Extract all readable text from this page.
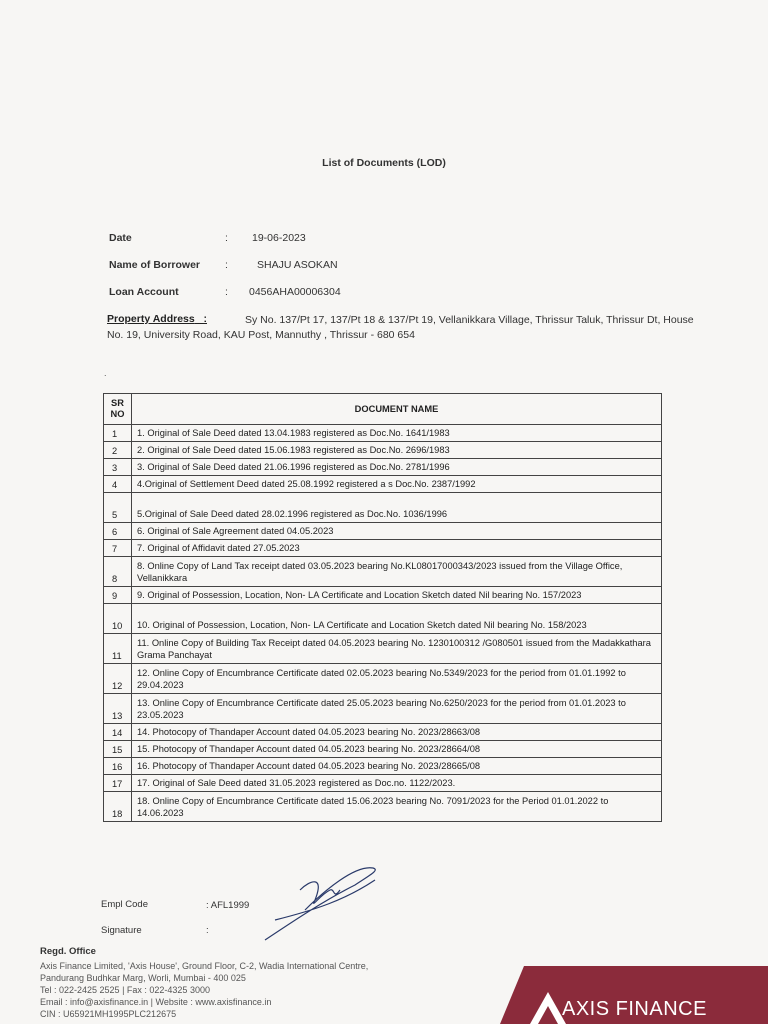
List of Documents (LOD)
Date	: 19-06-2023
Name of Borrower :	SHAJU ASOKAN
Loan Account	: 0456AHA00006304
Sy No. 137/Pt 17, 137/Pt 18 & 137/Pt 19, Vellanikkara Village, Thrissur Taluk, Thrissur Dt, House No. 19, University Road, KAU Post, Mannuthy , Thrissur - 680 654
Property Address :
.
SR NO	DOCUMENT NAME
1	1. Original of Sale Deed dated 13.04.1983 registered as Doc.No. 1641/1983
2	2. Original of Sale Deed dated 15.06.1983 registered as Doc.No. 2696/1983
3	3. Original of Sale Deed dated 21.06.1996 registered as Doc.No. 2781/1996
4	4.Original of Settlement Deed dated 25.08.1992 registered a s Doc.No. 2387/1992
5	5.Original of Sale Deed dated 28.02.1996 registered as Doc.No. 1036/1996
6	6. Original of Sale Agreement dated 04.05.2023
7	7. Original of Affidavit dated 27.05.2023
8	8. Online Copy of Land Tax receipt dated 03.05.2023 bearing No.KL08017000343/2023 issued from the Village Office, Vellanikkara
9	9. Original of Possession, Location, Non- LA Certificate and Location Sketch dated Nil bearing No. 157/2023
10	10. Original of Possession, Location, Non- LA Certificate and Location Sketch dated Nil bearing No. 158/2023
11	11. Online Copy of Building Tax Receipt dated 04.05.2023 bearing No. 1230100312 /G080501 issued from the Madakkathara Grama Panchayat
12	12. Online Copy of Encumbrance Certificate dated 02.05.2023 bearing No.5349/2023 for the period from 01.01.1992 to 29.04.2023
13	13. Online Copy of Encumbrance Certificate dated 25.05.2023 bearing No.6250/2023 for the period from 01.01.2023 to 23.05.2023
14	14. Photocopy of Thandaper Account dated 04.05.2023 bearing No. 2023/28663/08
15	15. Photocopy of Thandaper Account dated 04.05.2023 bearing No. 2023/28664/08
16	16. Photocopy of Thandaper Account dated 04.05.2023 bearing No. 2023/28665/08
17	17. Original of Sale Deed dated 31.05.2023 registered as Doc.no. 1122/2023.
18	18. Online Copy of Encumbrance Certificate dated 15.06.2023 bearing No. 7091/2023 for the Period 01.01.2022 to 14.06.2023
Empl Code	: AFL1999
Signature	:
Regd. Office
Axis Finance Limited, 'Axis House', Ground Floor, C-2, Wadia International Centre,
Pandurang Budhkar Marg, Worli, Mumbai - 400 025
Tel : 022-2425 2525 | Fax : 022-4325 3000
Email : info@axisfinance.in | Website : www.axisfinance.in
CIN : U65921MH1995PLC212675	AXIS FINANCE
